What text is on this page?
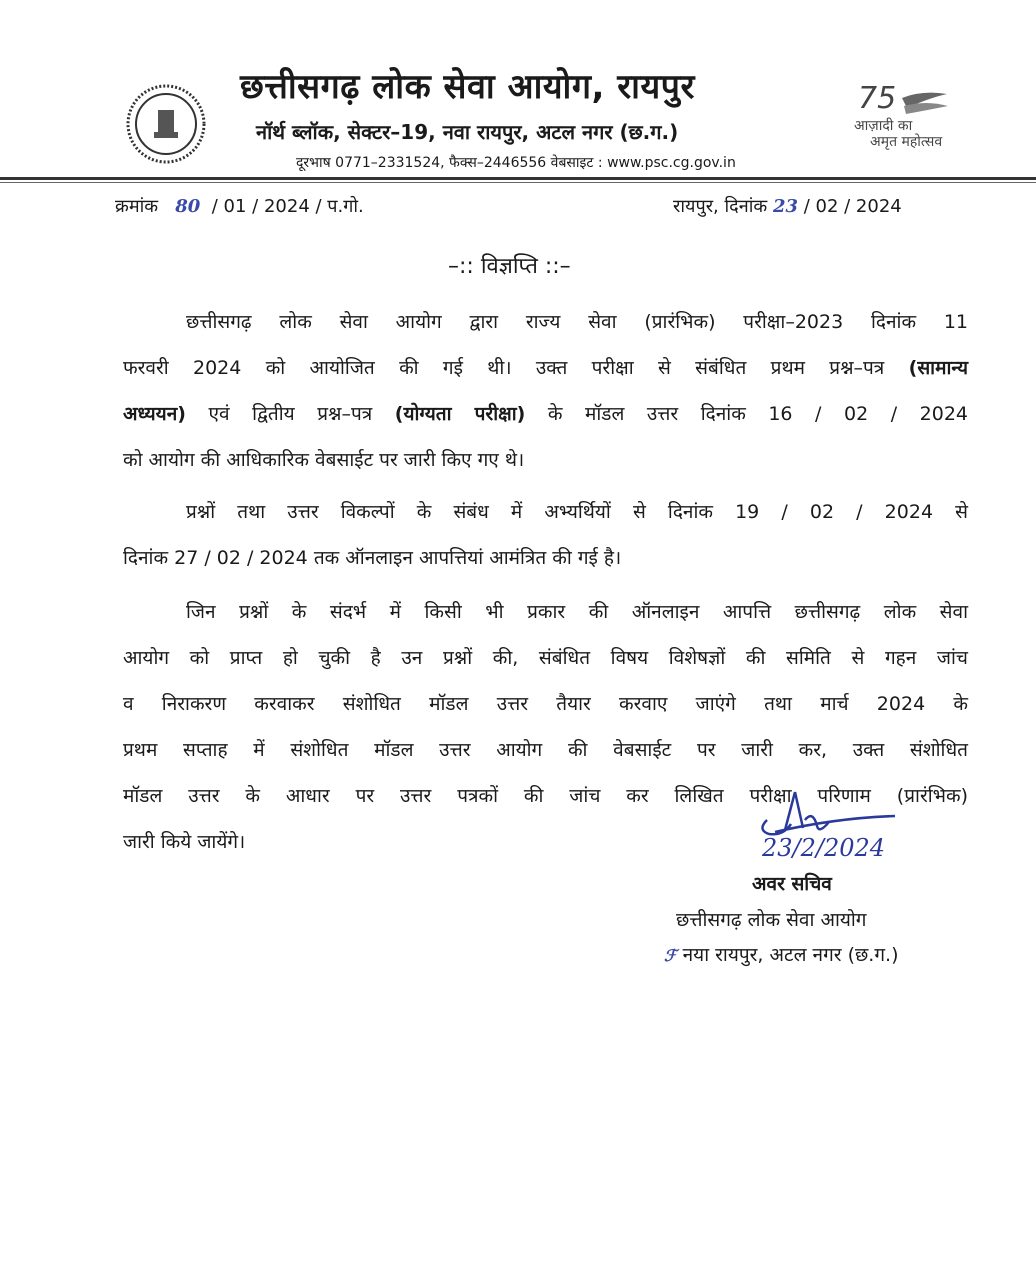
छत्तीसगढ़ लोक सेवा आयोग, रायपुर
नॉर्थ ब्लॉक, सेक्टर–19, नवा रायपुर, अटल नगर (छ.ग.)
दूरभाष 0771–2331524, फैक्स–2446556 वेबसाइट : www.psc.cg.gov.in
75
आज़ादी का
अमृत महोत्सव
क्रमांक 80 / 01 / 2024 / प.गो.	रायपुर, दिनांक 23 / 02 / 2024
–:: विज्ञप्ति ::–
छत्तीसगढ़ लोक सेवा आयोग द्वारा राज्य सेवा (प्रारंभिक) परीक्षा–2023 दिनांक 11
फरवरी 2024 को आयोजित की गई थी। उक्त परीक्षा से संबंधित प्रथम प्रश्न–पत्र (सामान्य
अध्ययन) एवं द्वितीय प्रश्न–पत्र (योग्यता परीक्षा) के मॉडल उत्तर दिनांक 16 / 02 / 2024
को आयोग की आधिकारिक वेबसाईट पर जारी किए गए थे।
प्रश्नों तथा उत्तर विकल्पों के संबंध में अभ्यर्थियों से दिनांक 19 / 02 / 2024 से
दिनांक 27 / 02 / 2024 तक ऑनलाइन आपत्तियां आमंत्रित की गई है।
जिन प्रश्नों के संदर्भ में किसी भी प्रकार की ऑनलाइन आपत्ति छत्तीसगढ़ लोक सेवा
आयोग को प्राप्त हो चुकी है उन प्रश्नों की, संबंधित विषय विशेषज्ञों की समिति से गहन जांच
व निराकरण करवाकर संशोधित मॉडल उत्तर तैयार करवाए जाएंगे तथा मार्च 2024 के
प्रथम सप्ताह में संशोधित मॉडल उत्तर आयोग की वेबसाईट पर जारी कर, उक्त संशोधित
मॉडल उत्तर के आधार पर उत्तर पत्रकों की जांच कर लिखित परीक्षा परिणाम (प्रारंभिक)
जारी किये जायेंगे।	23/2/2024
अवर सचिव
छत्तीसगढ़ लोक सेवा आयोग
ℱ नया रायपुर, अटल नगर (छ.ग.)
